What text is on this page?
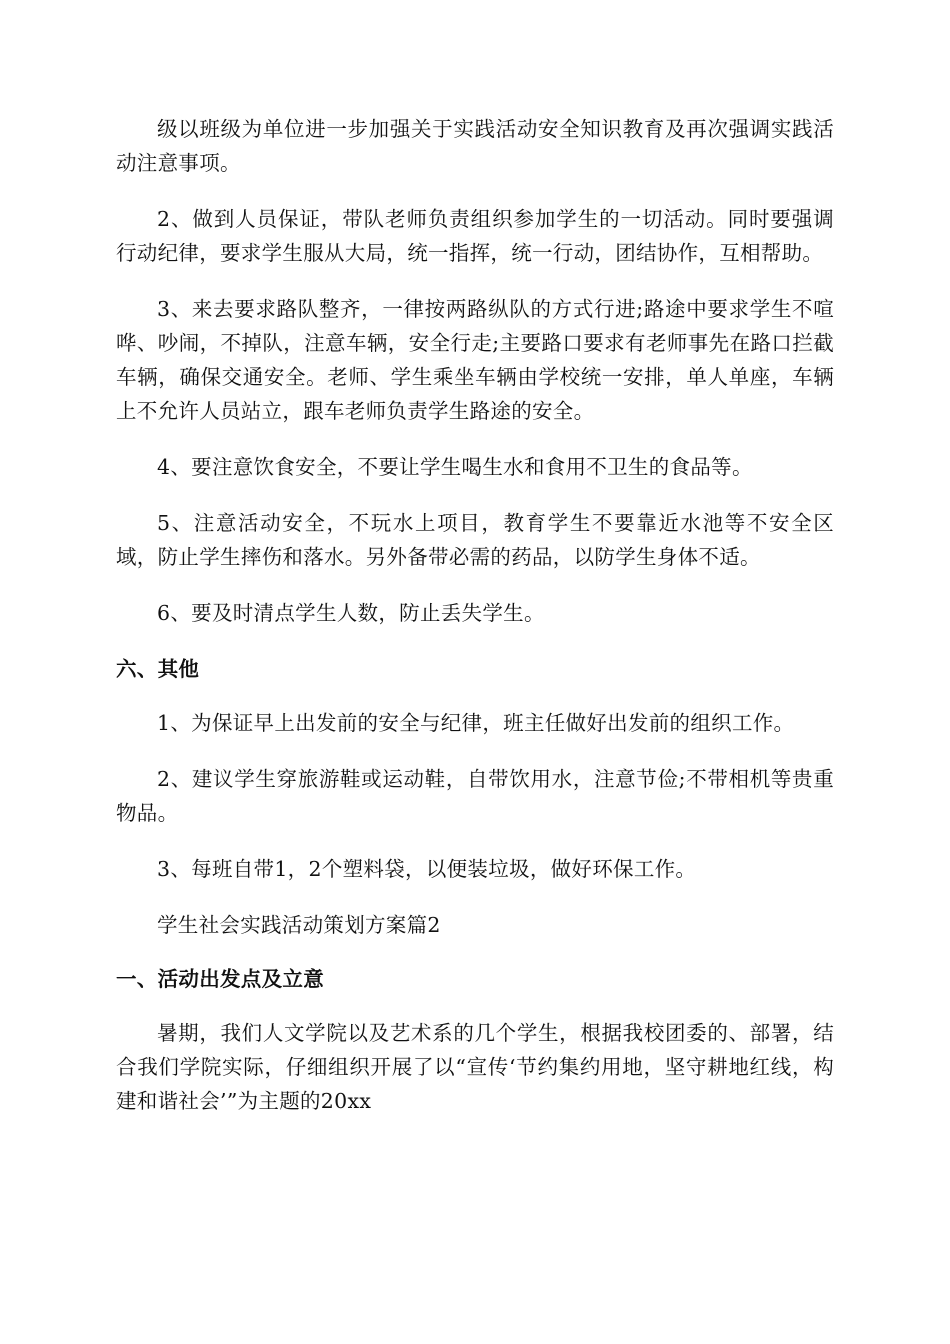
级以班级为单位进一步加强关于实践活动安全知识教育及再次强调实践活动注意事项。

2、做到人员保证，带队老师负责组织参加学生的一切活动。同时要强调行动纪律，要求学生服从大局，统一指挥，统一行动，团结协作，互相帮助。

3、来去要求路队整齐，一律按两路纵队的方式行进;路途中要求学生不喧哗、吵闹，不掉队，注意车辆，安全行走;主要路口要求有老师事先在路口拦截车辆，确保交通安全。老师、学生乘坐车辆由学校统一安排，单人单座，车辆上不允许人员站立，跟车老师负责学生路途的安全。

4、要注意饮食安全，不要让学生喝生水和食用不卫生的食品等。

5、注意活动安全，不玩水上项目，教育学生不要靠近水池等不安全区域，防止学生摔伤和落水。另外备带必需的药品，以防学生身体不适。

6、要及时清点学生人数，防止丢失学生。

六、其他

1、为保证早上出发前的安全与纪律，班主任做好出发前的组织工作。

2、建议学生穿旅游鞋或运动鞋，自带饮用水，注意节俭;不带相机等贵重物品。

3、每班自带1，2个塑料袋，以便装垃圾，做好环保工作。

学生社会实践活动策划方案篇2

一、活动出发点及立意

暑期，我们人文学院以及艺术系的几个学生，根据我校团委的、部署，结合我们学院实际，仔细组织开展了以“宣传‘节约集约用地，坚守耕地红线，构建和谐社会’”为主题的20xx
